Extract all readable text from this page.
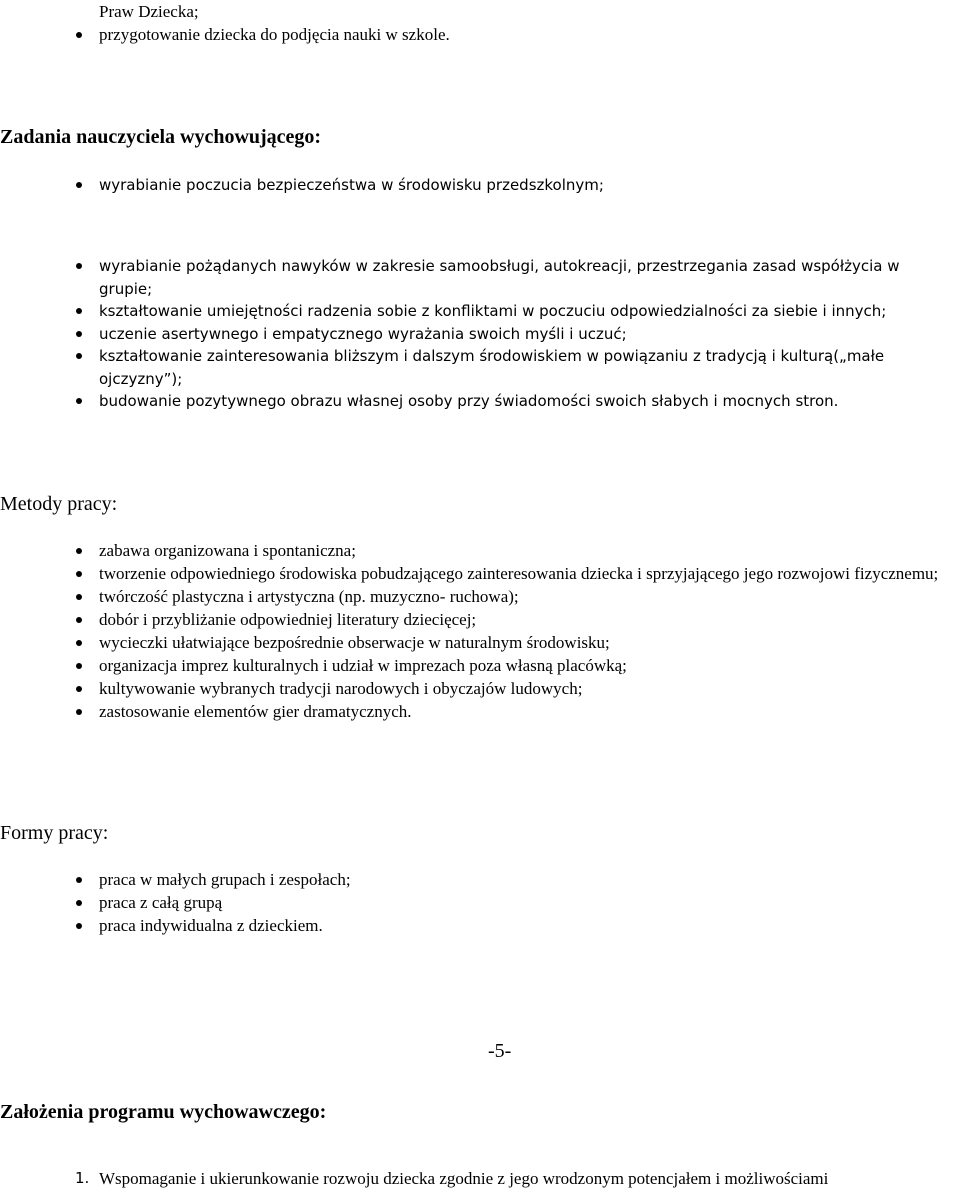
Praw Dziecka;
przygotowanie dziecka do podjęcia nauki w szkole.
Zadania nauczyciela wychowującego:
wyrabianie poczucia bezpieczeństwa w środowisku przedszkolnym;
wyrabianie pożądanych nawyków w zakresie samoobsługi, autokreacji, przestrzegania zasad współżycia w grupie;
kształtowanie umiejętności radzenia sobie z konfliktami w poczuciu odpowiedzialności za siebie i innych;
uczenie asertywnego i empatycznego wyrażania swoich myśli i uczuć;
kształtowanie zainteresowania bliższym i dalszym środowiskiem w powiązaniu z tradycją i kulturą(„małe ojczyzny”);
budowanie pozytywnego obrazu własnej osoby przy świadomości swoich słabych i mocnych stron.
Metody pracy:
zabawa organizowana i spontaniczna;
tworzenie odpowiedniego środowiska pobudzającego zainteresowania dziecka i sprzyjającego jego rozwojowi fizycznemu;
twórczość plastyczna i artystyczna (np. muzyczno- ruchowa);
dobór i przybliżanie odpowiedniej literatury dziecięcej;
wycieczki ułatwiające bezpośrednie obserwacje w naturalnym środowisku;
organizacja imprez kulturalnych i udział w imprezach poza własną placówką;
kultywowanie wybranych tradycji narodowych i obyczajów ludowych;
zastosowanie elementów gier dramatycznych.
Formy pracy:
praca w małych grupach i zespołach;
praca z całą grupą
praca indywidualna z dzieckiem.
-5-
Założenia programu wychowawczego:
1. Wspomaganie i ukierunkowanie rozwoju dziecka zgodnie z jego wrodzonym potencjałem i możliwościami
